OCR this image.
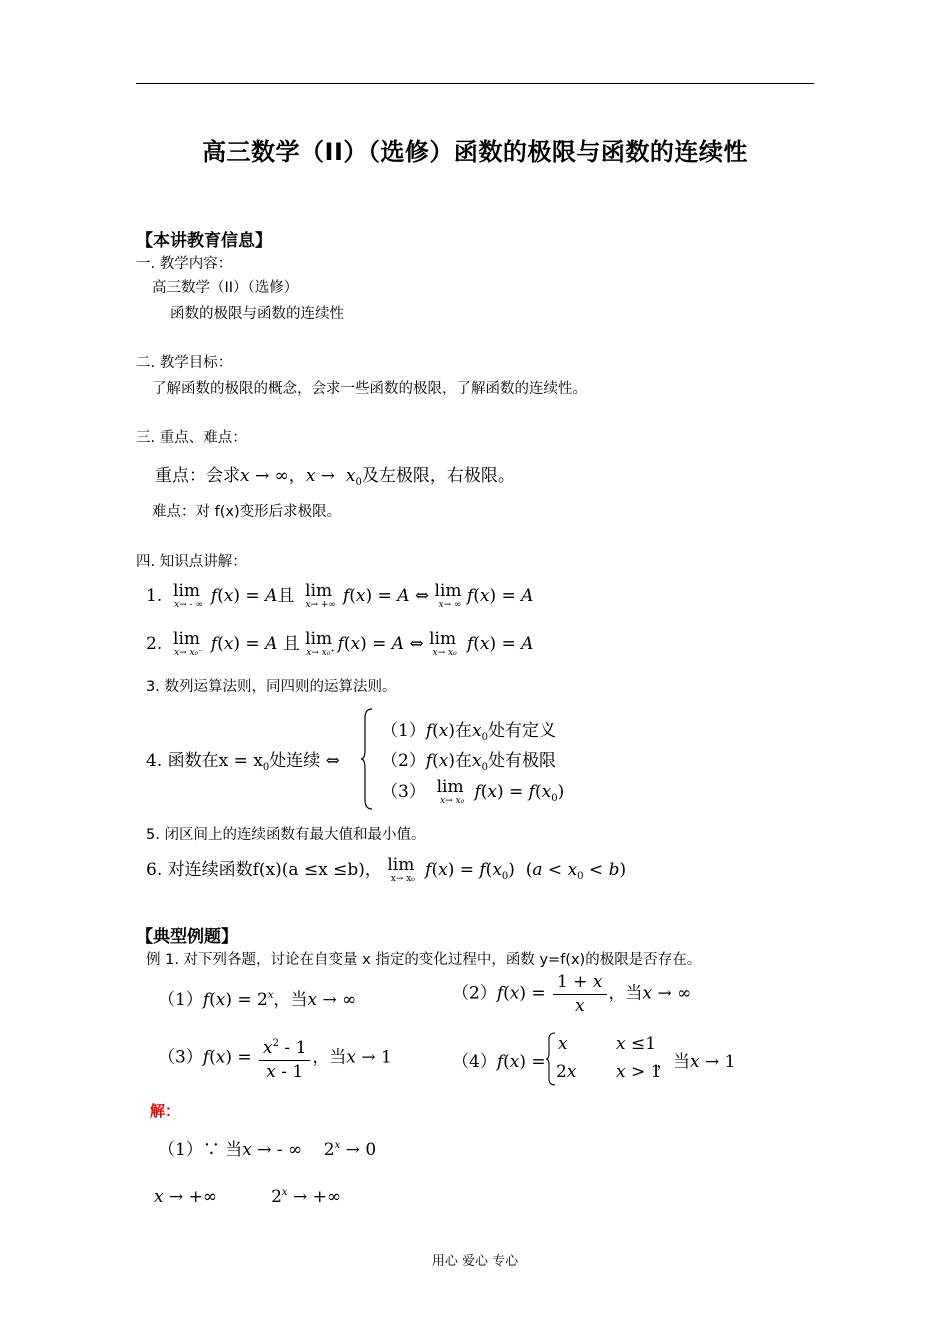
高三数学（II）（选修）函数的极限与函数的连续性
【本讲教育信息】
一. 教学内容：
高三数学（II）（选修）
函数的极限与函数的连续性
二. 教学目标：
了解函数的极限的概念，会求一些函数的极限，了解函数的连续性。
三. 重点、难点：
重点：会求x → ∞，$x \to x_0$及左极限，右极限。
难点：对 f(x)变形后求极限。
四. 知识点讲解：
1.  lim
x→ - ∞ f(x) = A且  lim
x→ +∞ f(x) = A ⇔ lim
x→ ∞ f(x) = A
2.  lim
x→ x₀⁻ f(x) = A 且 lim
x→ x₀⁺ f(x) = A ⇔ lim
x→ x₀ f(x) = A
3. 数列运算法则，同四则的运算法则。
4. 函数在$x = x_0$处连续 ⇔
（1）f(x)在$x_0$处有定义
（2）f(x)在$x_0$处有极限
（3）  lim
x→ x₀ $f(x) = f(x_0)$
5. 闭区间上的连续函数有最大值和最小值。
6. 对连续函数f(x)(a ≤x ≤b)， lim
x→ x₀ $f(x) = f(x_0) (a < x_0 < b)$
【典型例题】
例 1. 对下列各题，讨论在自变量 x 指定的变化过程中，函数 y=f(x)的极限是否存在。
$(1)f(x) = 2^x$，当x → ∞	$(2)f(x) = \frac{1 + x}{x}$ ，当x → ∞
$(3)f(x) = \frac{x^2 - 1}{x - 1}$ ，当x → 1	（4）f(x) =
x	x ≤1
2x x > 1
，当x → 1
解：
（1）∵ 当x → - ∞    $2^x \to 0$
x → +∞          $2^x$ → +∞
用心 爱心 专心
